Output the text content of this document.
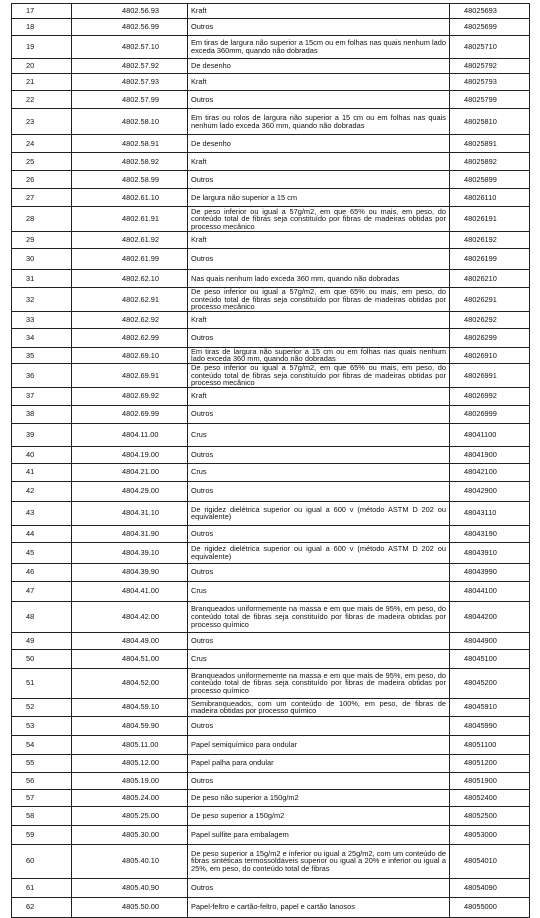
17	4802.56.93	Kraft	48025693
18	4802.56.99	Outros	48025699
19	4802.57.10	Em tiras de largura não superior a 15cm ou em folhas nas quais nenhum lado exceda 360mm, quando não dobradas	48025710
20	4802.57.92	De desenho	48025792
21	4802.57.93	Kraft	48025793
22	4802.57.99	Outros	48025799
23	4802.58.10	Em tiras ou rolos de largura não superior a 15 cm ou em folhas nas quais nenhum lado exceda 360 mm, quando não dobradas	48025810
24	4802.58.91	De desenho	48025891
25	4802.58.92	Kraft	48025892
26	4802.58.99	Outros	48025899
27	4802.61.10	De largura não superior a 15 cm	48026110
28	4802.61.91	De peso inferior ou igual a 57g/m2, em que 65% ou mais, em peso, do conteúdo total de fibras seja constituído por fibras de madeiras obtidas por processo mecânico	48026191
29	4802.61.92	Kraft	48026192
30	4802.61.99	Outros	48026199
31	4802.62.10	Nas quais nenhum lado exceda 360 mm, quando não dobradas	48026210
32	4802.62.91	De peso inferior ou igual a 57g/m2, em que 65% ou mais, em peso, do conteúdo total de fibras seja constituído por fibras de madeiras obtidas por processo mecânico	48026291
33	4802.62.92	Kraft	48026292
34	4802.62.99	Outros	48026299
35	4802.69.10	Em tiras de largura não superior a 15 cm ou em folhas nas quais nenhum lado exceda 360 mm, quando não dobradas	48026910
36	4802.69.91	De peso inferior ou igual a 57g/m2, em que 65% ou mais, em peso, do conteúdo total de fibras seja constituído por fibras de madeiras obtidas por processo mecânico	48026991
37	4802.69.92	Kraft	48026992
38	4802.69.99	Outros	48026999
39	4804.11.00	Crus	48041100
40	4804.19.00	Outros	48041900
41	4804.21.00	Crus	48042100
42	4804.29.00	Outros	48042900
43	4804.31.10	De rigidez dielétrica superior ou igual a 600 v (método ASTM D 202 ou equivalente)	48043110
44	4804.31.90	Outros	48043190
45	4804.39.10	De rigidez dielétrica superior ou igual a 600 v (método ASTM D 202 ou equivalente)	48043910
46	4804.39.90	Outros	48043990
47	4804.41.00	Crus	48044100
48	4804.42.00	Branqueados uniformemente na massa e em que mais de 95%, em peso, do conteúdo total de fibras seja constituído por fibras de madeira obtidas por processo químico	48044200
49	4804.49.00	Outros	48044900
50	4804.51.00	Crus	48045100
51	4804.52.00	Branqueados uniformemente na massa e em que mais de 95%, em peso, do conteúdo total de fibras seja constituído por fibras de madeira obtidas por processo químico	48045200
52	4804.59.10	Semibranqueados, com um conteúdo de 100%, em peso, de fibras de madeira obtidas por processo químico	48045910
53	4804.59.90	Outros	48045990
54	4805.11.00	Papel semiquímico para ondular	48051100
55	4805.12.00	Papel palha para ondular	48051200
56	4805.19.00	Outros	48051900
57	4805.24.00	De peso não superior a 150g/m2	48052400
58	4805.25.00	De peso superior a 150g/m2	48052500
59	4805.30.00	Papel sulfite para embalagem	48053000
60	4805.40.10	De peso superior a 15g/m2 e inferior ou igual a 25g/m2, com um conteúdo de fibras sintéticas termossoldáveis superior ou igual a 20% e inferior ou igual a 25%, em peso, do conteúdo total de fibras	48054010
61	4805.40.90	Outros	48054090
62	4805.50.00	Papel-feltro e cartão-feltro, papel e cartão lanosos	48055000
